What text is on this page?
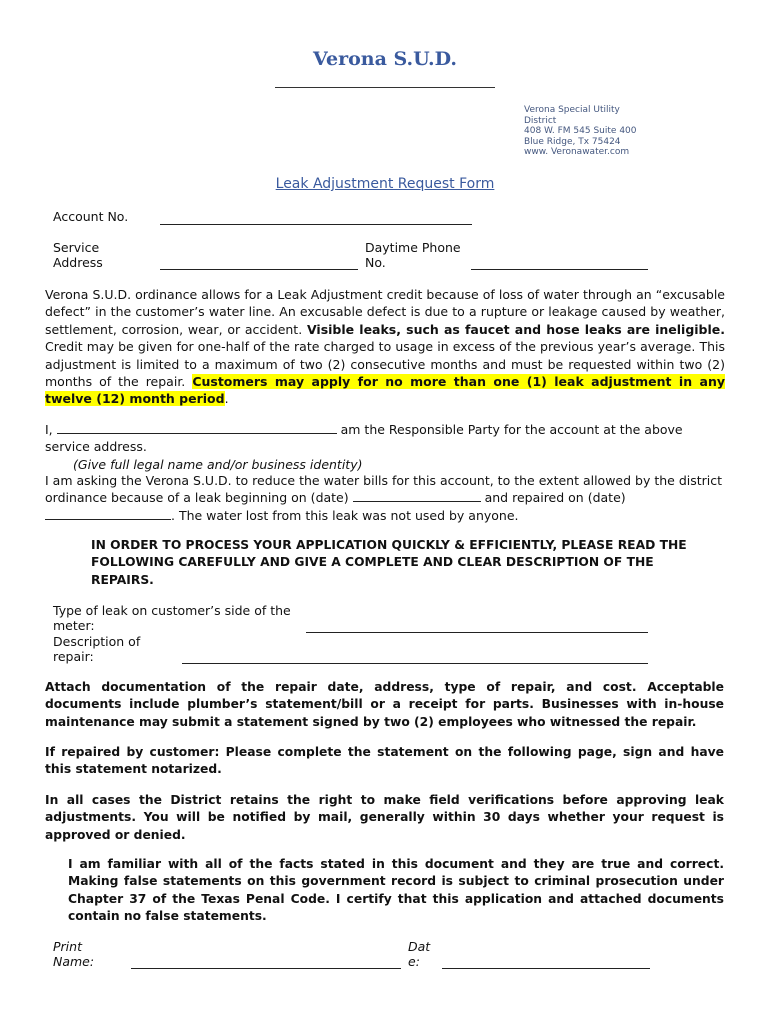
Verona S.U.D.
Verona Special Utility
District
408 W. FM 545 Suite 400
Blue Ridge, Tx 75424
www. Veronawater.com
Leak Adjustment Request Form
Account No.
Service
Address
Daytime Phone
No.
Verona S.U.D. ordinance allows for a Leak Adjustment credit because of loss of water through an “excusable defect” in the customer’s water line. An excusable defect is due to a rupture or leakage caused by weather, settlement, corrosion, wear, or accident. Visible leaks, such as faucet and hose leaks are ineligible. Credit may be given for one-half of the rate charged to usage in excess of the previous year’s average. This adjustment is limited to a maximum of two (2) consecutive months and must be requested within two (2) months of the repair. Customers may apply for no more than one (1) leak adjustment in any twelve (12) month period.
I,	am the Responsible Party for the account at the above service address.
(Give full legal name and/or business identity)
I am asking the Verona S.U.D. to reduce the water bills for this account, to the extent allowed by the district ordinance because of a leak beginning on (date)	and repaired on (date) . The water lost from this leak was not used by anyone.
IN ORDER TO PROCESS YOUR APPLICATION QUICKLY & EFFICIENTLY, PLEASE READ THE FOLLOWING CAREFULLY AND GIVE A COMPLETE AND CLEAR DESCRIPTION OF THE REPAIRS.
Type of leak on customer’s side of the
meter:
Description of
repair:
Attach documentation of the repair date, address, type of repair, and cost. Acceptable documents include plumber’s statement/bill or a receipt for parts. Businesses with in-house maintenance may submit a statement signed by two (2) employees who witnessed the repair.
If repaired by customer: Please complete the statement on the following page, sign and have this statement notarized.
In all cases the District retains the right to make field verifications before approving leak adjustments. You will be notified by mail, generally within 30 days whether your request is approved or denied.
I am familiar with all of the facts stated in this document and they are true and correct. Making false statements on this government record is subject to criminal prosecution under Chapter 37 of the Texas Penal Code. I certify that this application and attached documents contain no false statements.
Print
Name:
Dat
e:
